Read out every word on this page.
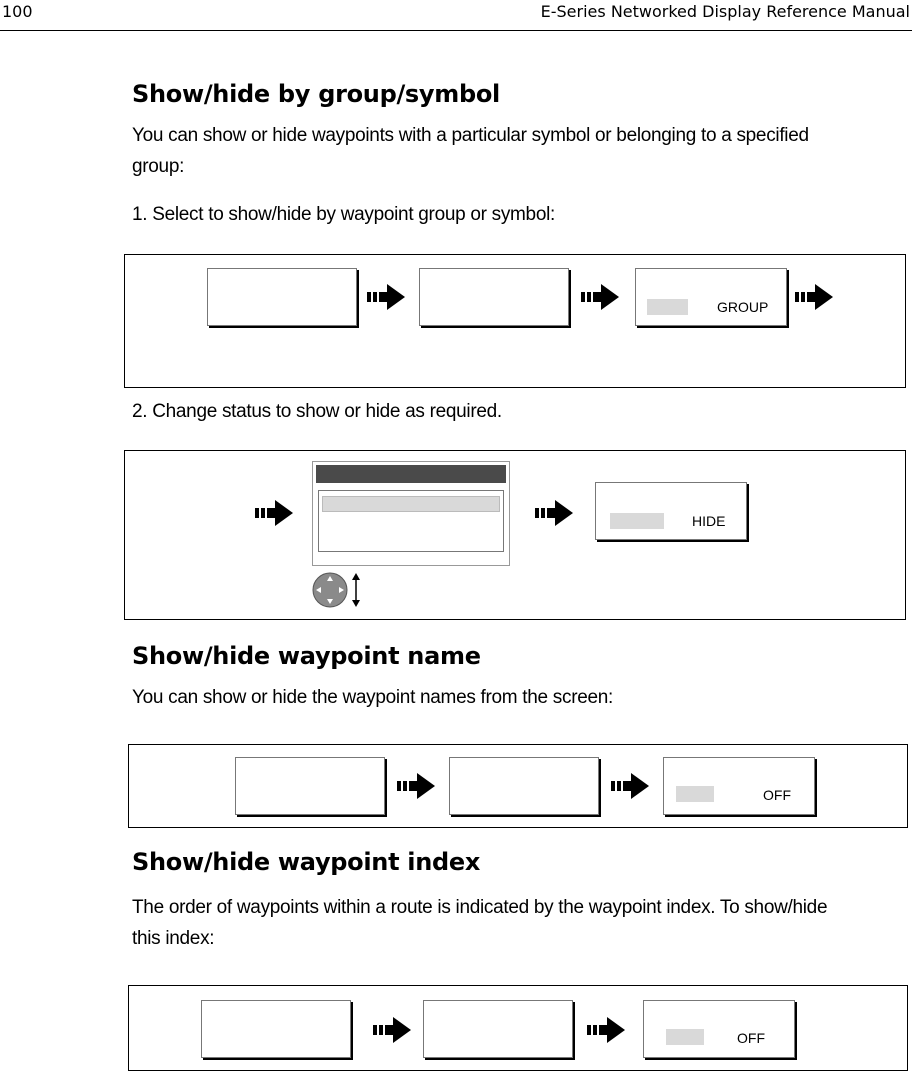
100	E-Series Networked Display Reference Manual
Show/hide by group/symbol

You can show or hide waypoints with a particular symbol or belonging to a specified

group:

1. Select to show/hide by waypoint group or symbol:

GROUP

2. Change status to show or hide as required.

HIDE
Show/hide waypoint name

You can show or hide the waypoint names from the screen:

OFF
Show/hide waypoint index

The order of waypoints within a route is indicated by the waypoint index. To show/hide

this index:

OFF
